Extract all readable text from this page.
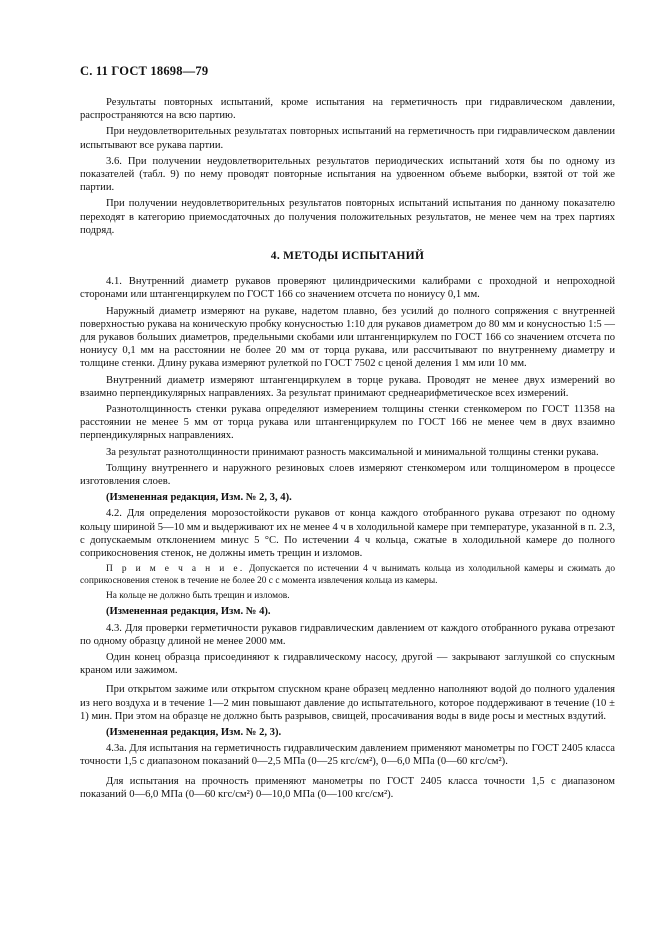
С. 11 ГОСТ 18698—79

Результаты повторных испытаний, кроме испытания на герметичность при гидравлическом давлении, распространяются на всю партию.

При неудовлетворительных результатах повторных испытаний на герметичность при гидравлическом давлении испытывают все рукава партии.

3.6. При получении неудовлетворительных результатов периодических испытаний хотя бы по одному из показателей (табл. 9) по нему проводят повторные испытания на удвоенном объеме выборки, взятой от той же партии.

При получении неудовлетворительных результатов повторных испытаний испытания по данному показателю переходят в категорию приемосдаточных до получения положительных результатов, не менее чем на трех партиях подряд.

4. МЕТОДЫ ИСПЫТАНИЙ

4.1. Внутренний диаметр рукавов проверяют цилиндрическими калибрами с проходной и непроходной сторонами или штангенциркулем по ГОСТ 166 со значением отсчета по нониусу 0,1 мм.

Наружный диаметр измеряют на рукаве, надетом плавно, без усилий до полного сопряжения с внутренней поверхностью рукава на коническую пробку конусностью 1:10 для рукавов диаметром до 80 мм и конусностью 1:5 — для рукавов больших диаметров, предельными скобами или штангенциркулем по ГОСТ 166 со значением отсчета по нониусу 0,1 мм на расстоянии не более 20 мм от торца рукава, или рассчитывают по внутреннему диаметру и толщине стенки. Длину рукава измеряют рулеткой по ГОСТ 7502 с ценой деления 1 мм или 10 мм.

Внутренний диаметр измеряют штангенциркулем в торце рукава. Проводят не менее двух измерений во взаимно перпендикулярных направлениях. За результат принимают среднеарифметическое всех измерений.

Разнотолщинность стенки рукава определяют измерением толщины стенки стенкомером по ГОСТ 11358 на расстоянии не менее 5 мм от торца рукава или штангенциркулем по ГОСТ 166 не менее чем в двух взаимно перпендикулярных направлениях.

За результат разнотолщинности принимают разность максимальной и минимальной толщины стенки рукава.

Толщину внутреннего и наружного резиновых слоев измеряют стенкомером или толщиномером в процессе изготовления слоев.

(Измененная редакция, Изм. № 2, 3, 4).

4.2. Для определения морозостойкости рукавов от конца каждого отобранного рукава отрезают по одному кольцу шириной 5—10 мм и выдерживают их не менее 4 ч в холодильной камере при температуре, указанной в п. 2.3, с допускаемым отклонением минус 5 °С. По истечении 4 ч кольца, сжатые в холодильной камере до полного соприкосновения стенок, не должны иметь трещин и изломов.

П р и м е ч а н и е. Допускается по истечении 4 ч вынимать кольца из холодильной камеры и сжимать до соприкосновения стенок в течение не более 20 с с момента извлечения кольца из камеры.

На кольце не должно быть трещин и изломов.

(Измененная редакция, Изм. № 4).

4.3. Для проверки герметичности рукавов гидравлическим давлением от каждого отобранного рукава отрезают по одному образцу длиной не менее 2000 мм.

Один конец образца присоединяют к гидравлическому насосу, другой — закрывают заглушкой со спускным краном или зажимом.

При открытом зажиме или открытом спускном кране образец медленно наполняют водой до полного удаления из него воздуха и в течение 1—2 мин повышают давление до испытательного, которое поддерживают в течение (10 ± 1) мин. При этом на образце не должно быть разрывов, свищей, просачивания воды в виде росы и местных вздутий.

(Измененная редакция, Изм. № 2, 3).

4.3а. Для испытания на герметичность гидравлическим давлением применяют манометры по ГОСТ 2405 класса точности 1,5 с диапазоном показаний 0—2,5 МПа (0—25 кгс/см²), 0—6,0 МПа (0—60 кгс/см²).

Для испытания на прочность применяют манометры по ГОСТ 2405 класса точности 1,5 с диапазоном показаний 0—6,0 МПа (0—60 кгс/см²) 0—10,0 МПа (0—100 кгс/см²).
